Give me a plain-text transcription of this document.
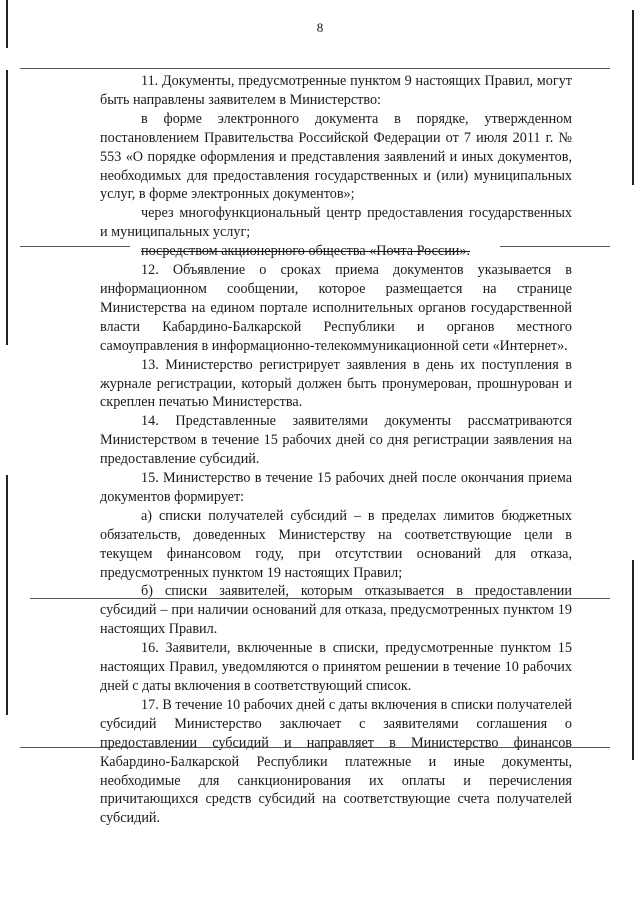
8

11. Документы, предусмотренные пунктом 9 настоящих Правил, могут быть направлены заявителем в Министерство:

в форме электронного документа в порядке, утвержденном постановлением Правительства Российской Федерации от 7 июля 2011 г. № 553 «О порядке оформления и представления заявлений и иных документов, необходимых для предоставления государственных и (или) муниципальных услуг, в форме электронных документов»;

через многофункциональный центр предоставления государственных и муниципальных услуг;

посредством акционерного общества «Почта России».

12. Объявление о сроках приема документов указывается в информационном сообщении, которое размещается на странице Министерства на едином портале исполнительных органов государственной власти Кабардино-Балкарской Республики и органов местного самоуправления в информационно-телекоммуникационной сети «Интернет».

13. Министерство регистрирует заявления в день их поступления в журнале регистрации, который должен быть пронумерован, прошнурован и скреплен печатью Министерства.

14. Представленные заявителями документы рассматриваются Министерством в течение 15 рабочих дней со дня регистрации заявления на предоставление субсидий.

15. Министерство в течение 15 рабочих дней после окончания приема документов формирует:

а) списки получателей субсидий – в пределах лимитов бюджетных обязательств, доведенных Министерству на соответствующие цели в текущем финансовом году, при отсутствии оснований для отказа, предусмотренных пунктом 19 настоящих Правил;

б) списки заявителей, которым отказывается в предоставлении субсидий – при наличии оснований для отказа, предусмотренных пунктом 19 настоящих Правил.

16. Заявители, включенные в списки, предусмотренные пунктом 15 настоящих Правил, уведомляются о принятом решении в течение 10 рабочих дней с даты включения в соответствующий список.

17. В течение 10 рабочих дней с даты включения в списки получателей субсидий Министерство заключает с заявителями соглашения о предоставлении субсидий и направляет в Министерство финансов Кабардино-Балкарской Республики платежные и иные документы, необходимые для санкционирования их оплаты и перечисления причитающихся средств субсидий на соответствующие счета получателей субсидий.
